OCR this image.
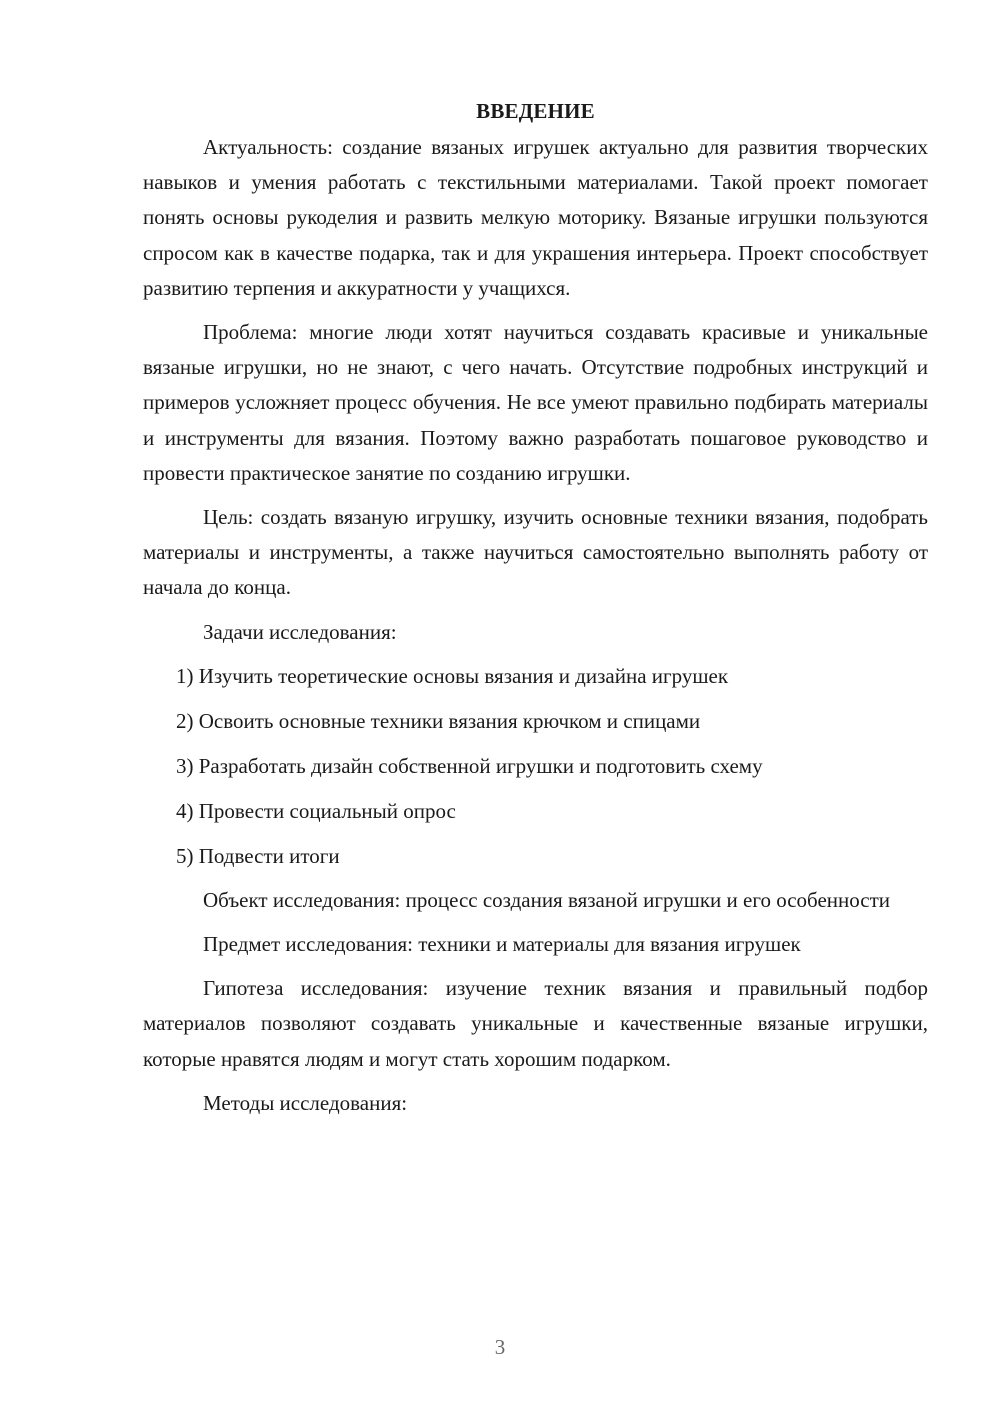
ВВЕДЕНИЕ

Актуальность: создание вязаных игрушек актуально для развития творческих навыков и умения работать с текстильными материалами. Такой проект помогает понять основы рукоделия и развить мелкую моторику. Вязаные игрушки пользуются спросом как в качестве подарка, так и для украшения интерьера. Проект способствует развитию терпения и аккуратности у учащихся.

Проблема: многие люди хотят научиться создавать красивые и уникальные вязаные игрушки, но не знают, с чего начать. Отсутствие подробных инструкций и примеров усложняет процесс обучения. Не все умеют правильно подбирать материалы и инструменты для вязания. Поэтому важно разработать пошаговое руководство и провести практическое занятие по созданию игрушки.

Цель: создать вязаную игрушку, изучить основные техники вязания, подобрать материалы и инструменты, а также научиться самостоятельно выполнять работу от начала до конца.

Задачи исследования:

1) Изучить теоретические основы вязания и дизайна игрушек
2) Освоить основные техники вязания крючком и спицами
3) Разработать дизайн собственной игрушки и подготовить схему
4) Провести социальный опрос
5) Подвести итоги

Объект исследования: процесс создания вязаной игрушки и его особенности

Предмет исследования: техники и материалы для вязания игрушек

Гипотеза исследования: изучение техник вязания и правильный подбор материалов позволяют создавать уникальные и качественные вязаные игрушки, которые нравятся людям и могут стать хорошим подарком.

Методы исследования:

3
